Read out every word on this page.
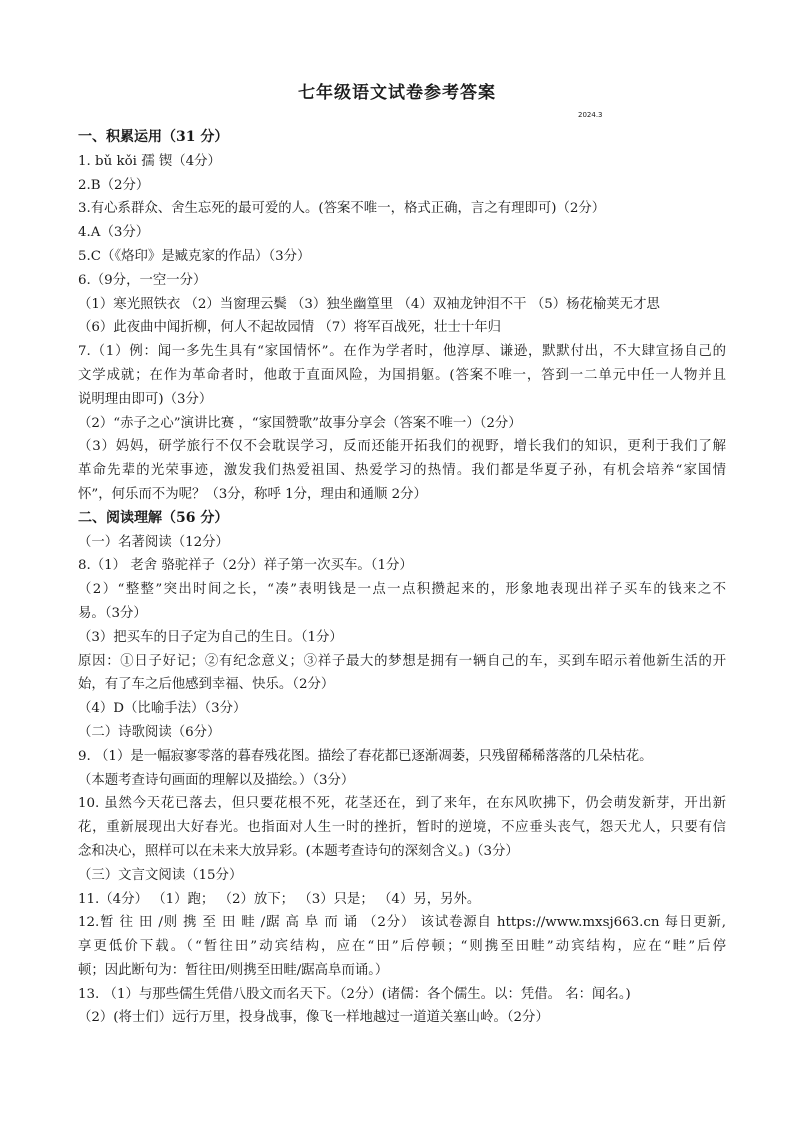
七年级语文试卷参考答案
2024.3
一、积累运用（31 分）
1. bǔ kǒi 孺 锲（4分）
2.B（2分）
3.有心系群众、舍生忘死的最可爱的人。(答案不唯一，格式正确，言之有理即可)（2分）
4.A（3分）
5.C（《烙印》是臧克家的作品）（3分）
6.（9分，一空一分）
（1）寒光照铁衣 （2）当窗理云鬓 （3）独坐幽篁里 （4）双袖龙钟泪不干 （5）杨花榆荚无才思
（6）此夜曲中闻折柳，何人不起故园情 （7）将军百战死，壮士十年归
7.（1）例：闻一多先生具有“家国情怀”。在作为学者时，他淳厚、谦逊，默默付出，不大肆宣扬自己的
文学成就；在作为革命者时，他敢于直面风险，为国捐躯。(答案不唯一，答到一二单元中任一人物并且
说明理由即可)（3分）
（2）“赤子之心”演讲比赛 ，“家国赞歌”故事分享会（答案不唯一）（2分）
（3）妈妈，研学旅行不仅不会耽误学习，反而还能开拓我们的视野，增长我们的知识，更利于我们了解
革命先辈的光荣事迹，激发我们热爱祖国、热爱学习的热情。我们都是华夏子孙，有机会培养“家国情
怀”，何乐而不为呢？（3分，称呼 1分，理由和通顺 2分）
二、阅读理解（56 分）
（一）名著阅读（12分）
8.（1） 老舍 骆驼祥子（2分）祥子第一次买车。（1分）
（2）“整整”突出时间之长，“凑”表明钱是一点一点积攒起来的，形象地表现出祥子买车的钱来之不
易。（3分）
（3）把买车的日子定为自己的生日。（1分）
原因：①日子好记；②有纪念意义；③祥子最大的梦想是拥有一辆自己的车，买到车昭示着他新生活的开
始，有了车之后他感到幸福、快乐。（2分）
（4）D（比喻手法）（3分）
（二）诗歌阅读（6分）
9. （1）是一幅寂寥零落的暮春残花图。描绘了春花都已逐渐凋萎，只残留稀稀落落的几朵枯花。
（本题考查诗句画面的理解以及描绘。）（3分）
10. 虽然今天花已落去，但只要花根不死，花茎还在，到了来年，在东风吹拂下，仍会萌发新芽，开出新
花，重新展现出大好春光。也指面对人生一时的挫折，暂时的逆境，不应垂头丧气，怨天尤人，只要有信
念和决心，照样可以在未来大放异彩。(本题考查诗句的深刻含义。)（3分）
（三）文言文阅读（15分）
11.（4分） （1）跑； （2）放下； （3）只是； （4）另，另外。
12.暂 往 田 /则 携 至 田 畦 /踞 高 阜 而 诵 （2分） 该试卷源自 https://www.mxsj663.cn 每日更新,
享更低价下载。（“暂往田”动宾结构，应在“田”后停顿；“则携至田畦”动宾结构，应在“畦”后停
顿；因此断句为：暂往田/则携至田畦/踞高阜而诵。）
13. （1）与那些儒生凭借八股文而名天下。（2分）(诸儒：各个儒生。以：凭借。 名：闻名。)
（2）(将士们）远行万里，投身战事，像飞一样地越过一道道关塞山岭。（2分）
